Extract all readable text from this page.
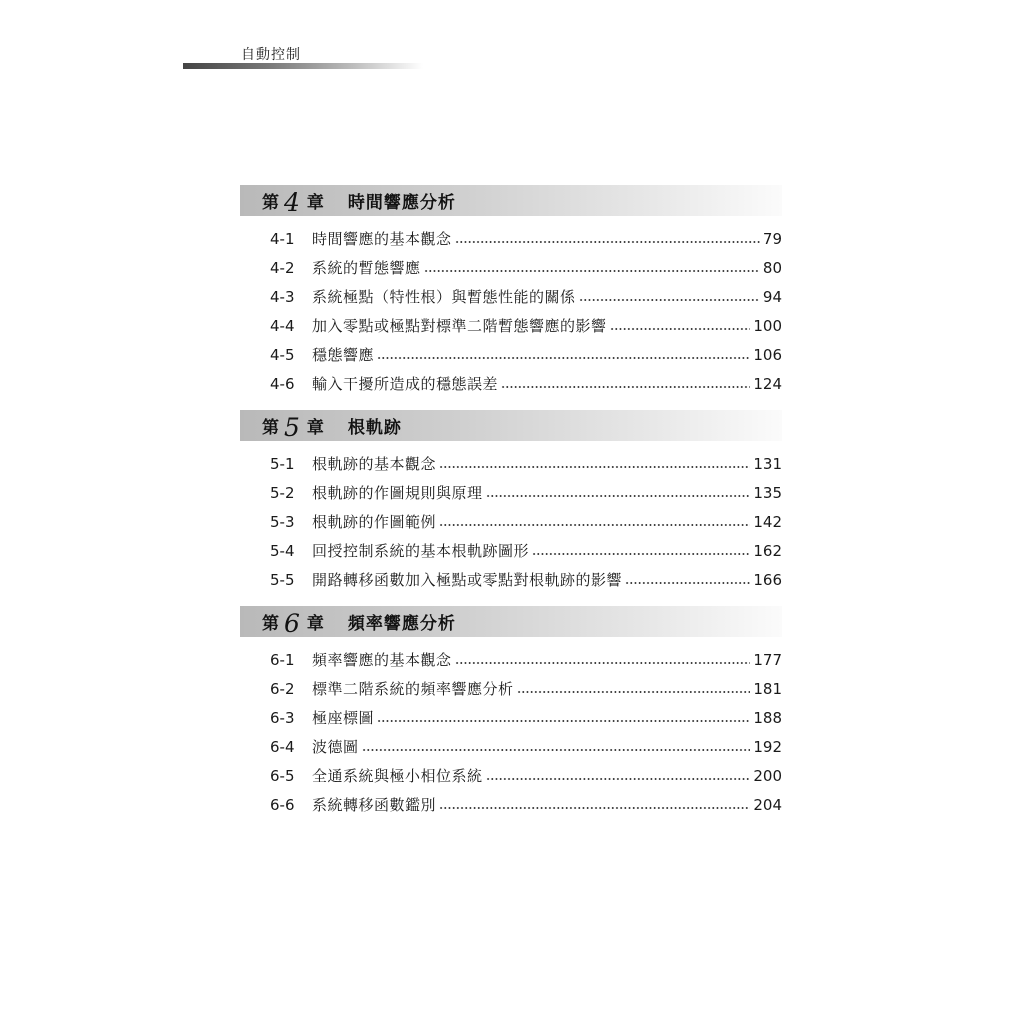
自動控制
第 4 章 時間響應分析
4-1	時間響應的基本觀念	79
4-2	系統的暫態響應	80
4-3	系統極點（特性根）與暫態性能的關係	94
4-4	加入零點或極點對標準二階暫態響應的影響	100
4-5	穩態響應	106
4-6	輸入干擾所造成的穩態誤差	124
第 5 章 根軌跡
5-1	根軌跡的基本觀念	131
5-2	根軌跡的作圖規則與原理	135
5-3	根軌跡的作圖範例	142
5-4	回授控制系統的基本根軌跡圖形	162
5-5	開路轉移函數加入極點或零點對根軌跡的影響	166
第 6 章 頻率響應分析
6-1	頻率響應的基本觀念	177
6-2	標準二階系統的頻率響應分析	181
6-3	極座標圖	188
6-4	波德圖	192
6-5	全通系統與極小相位系統	200
6-6	系統轉移函數鑑別	204
